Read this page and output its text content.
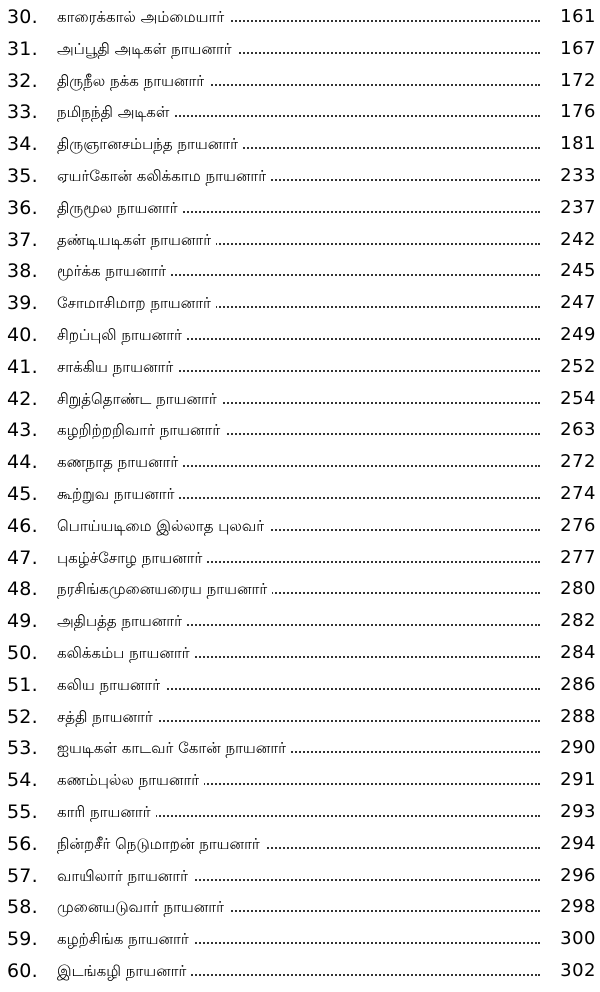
30. காரைக்கால் அம்மையார்	161
31. அப்பூதி அடிகள் நாயனார்	167
32. திருநீல நக்க நாயனார்	172
33. நமிநந்தி அடிகள்	176
34. திருஞானசம்பந்த நாயனார்	181
35. ஏயர்கோன் கலிக்காம நாயனார்	233
36. திருமூல நாயனார்	237
37. தண்டியடிகள் நாயனார்	242
38. மூர்க்க நாயனார்	245
39. சோமாசிமாற நாயனார்	247
40. சிறப்புலி நாயனார்	249
41. சாக்கிய நாயனார்	252
42. சிறுத்தொண்ட நாயனார்	254
43. கழறிற்றறிவார் நாயனார்	263
44. கணநாத நாயனார்	272
45. கூற்றுவ நாயனார்	274
46. பொய்யடிமை இல்லாத புலவர்	276
47. புகழ்ச்சோழ நாயனார்	277
48. நரசிங்கமுனையரைய நாயனார்	280
49. அதிபத்த நாயனார்	282
50. கலிக்கம்ப நாயனார்	284
51. கலிய நாயனார்	286
52. சத்தி நாயனார்	288
53. ஐயடிகள் காடவர் கோன் நாயனார்	290
54. கணம்புல்ல நாயனார்	291
55. காரி நாயனார்	293
56. நின்றசீர் நெடுமாறன் நாயனார்	294
57. வாயிலார் நாயனார்	296
58. முனையடுவார் நாயனார்	298
59. கழற்சிங்க நாயனார்	300
60. இடங்கழி நாயனார்	302
